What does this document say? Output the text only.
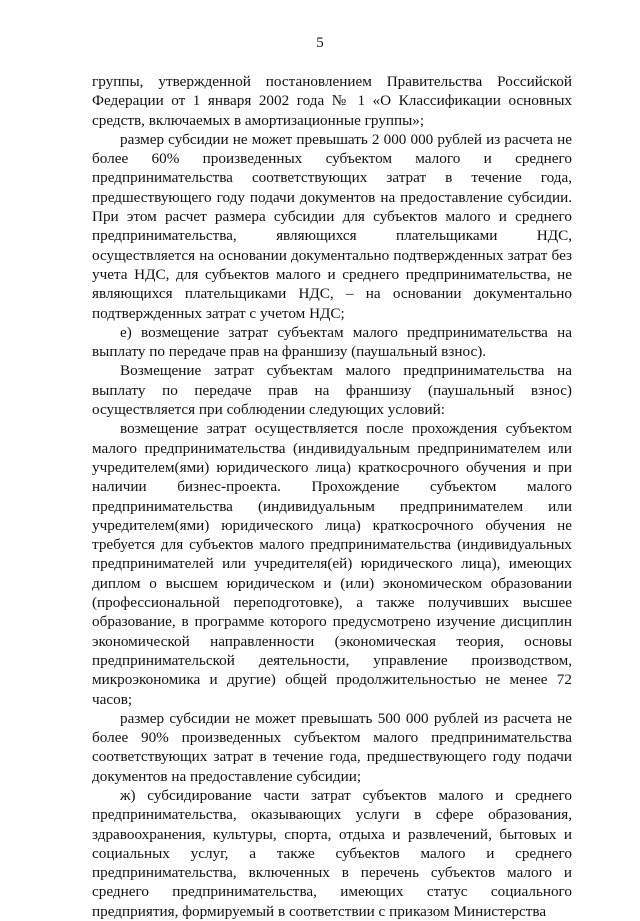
5

группы, утвержденной постановлением Правительства Российской Федерации от 1 января 2002 года № 1 «О Классификации основных средств, включаемых в амортизационные группы»;

размер субсидии не может превышать 2 000 000 рублей из расчета не более 60% произведенных субъектом малого и среднего предпринимательства соответствующих затрат в течение года, предшествующего году подачи документов на предоставление субсидии. При этом расчет размера субсидии для субъектов малого и среднего предпринимательства, являющихся плательщиками НДС, осуществляется на основании документально подтвержденных затрат без учета НДС, для субъектов малого и среднего предпринимательства, не являющихся плательщиками НДС, – на основании документально подтвержденных затрат с учетом НДС;

е) возмещение затрат субъектам малого предпринимательства на выплату по передаче прав на франшизу (паушальный взнос).

Возмещение затрат субъектам малого предпринимательства на выплату по передаче прав на франшизу (паушальный взнос) осуществляется при соблюдении следующих условий:

возмещение затрат осуществляется после прохождения субъектом малого предпринимательства (индивидуальным предпринимателем или учредителем(ями) юридического лица) краткосрочного обучения и при наличии бизнес-проекта. Прохождение субъектом малого предпринимательства (индивидуальным предпринимателем или учредителем(ями) юридического лица) краткосрочного обучения не требуется для субъектов малого предпринимательства (индивидуальных предпринимателей или учредителя(ей) юридического лица), имеющих диплом о высшем юридическом и (или) экономическом образовании (профессиональной переподготовке), а также получивших высшее образование, в программе которого предусмотрено изучение дисциплин экономической направленности (экономическая теория, основы предпринимательской деятельности, управление производством, микроэкономика и другие) общей продолжительностью не менее 72 часов;

размер субсидии не может превышать 500 000 рублей из расчета не более 90% произведенных субъектом малого предпринимательства соответствующих затрат в течение года, предшествующего году подачи документов на предоставление субсидии;

ж) субсидирование части затрат субъектов малого и среднего предпринимательства, оказывающих услуги в сфере образования, здравоохранения, культуры, спорта, отдыха и развлечений, бытовых и социальных услуг, а также субъектов малого и среднего предпринимательства, включенных в перечень субъектов малого и среднего предпринимательства, имеющих статус социального предприятия, формируемый в соответствии с приказом Министерства
